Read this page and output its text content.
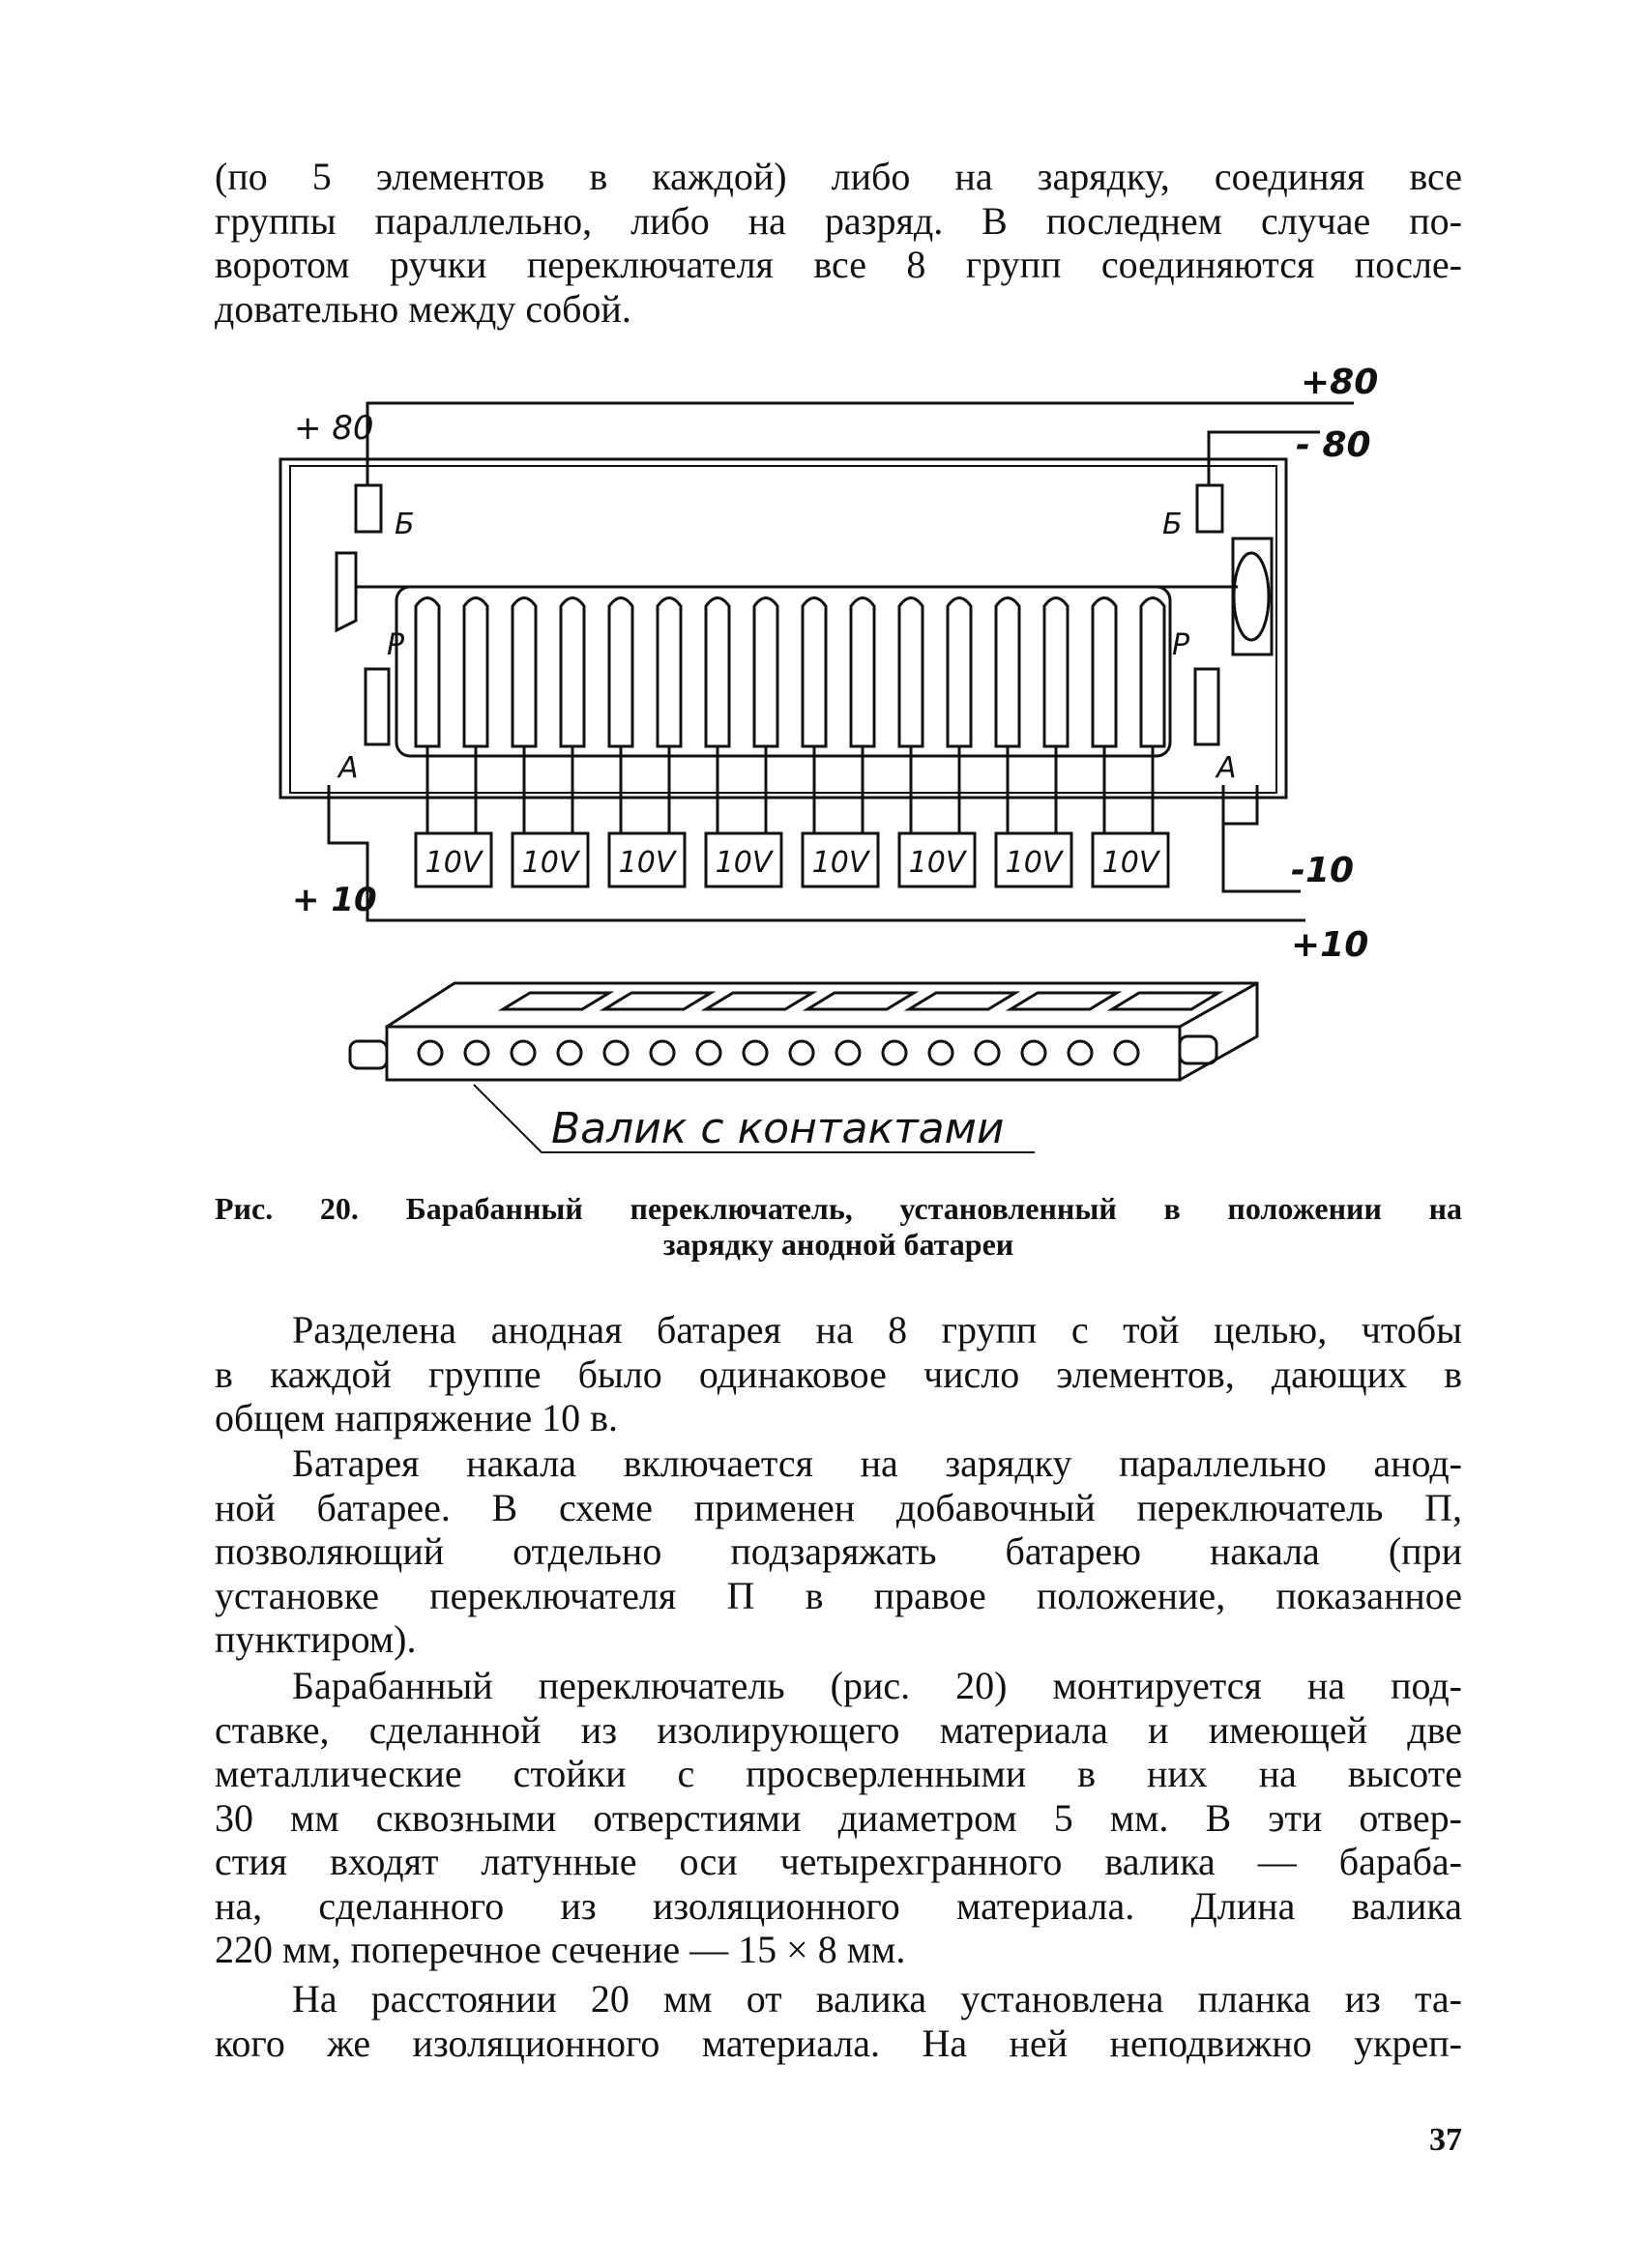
(по 5 элементов в каждой) либо на зарядку, соединяя все
группы параллельно, либо на разряд. В последнем случае по-
воротом ручки переключателя все 8 групп соединяются после-
довательно между собой.
10V 10V 10V 10V 10V 10V 10V 10V
+ 80
+80
- 80
Б	Б
Р	Р
А	А
+ 10
-10
+10
Валик с контактами
Рис. 20. Барабанный переключатель, установленный в положении на
зарядку анодной батареи
Разделена анодная батарея на 8 групп с той целью, чтобы
в каждой группе было одинаковое число элементов, дающих в
общем напряжение 10 в.
Батарея накала включается на зарядку параллельно анод-
ной батарее. В схеме применен добавочный переключатель П,
позволяющий отдельно подзаряжать батарею накала (при
установке переключателя П в правое положение, показанное
пунктиром).
Барабанный переключатель (рис. 20) монтируется на под-
ставке, сделанной из изолирующего материала и имеющей две
металлические стойки с просверленными в них на высоте
30 мм сквозными отверстиями диаметром 5 мм. В эти отвер-
стия входят латунные оси четырехгранного валика — бараба-
на, сделанного из изоляционного материала. Длина валика
220 мм, поперечное сечение — 15 × 8 мм.
На расстоянии 20 мм от валика установлена планка из та-
кого же изоляционного материала. На ней неподвижно укреп-
37
